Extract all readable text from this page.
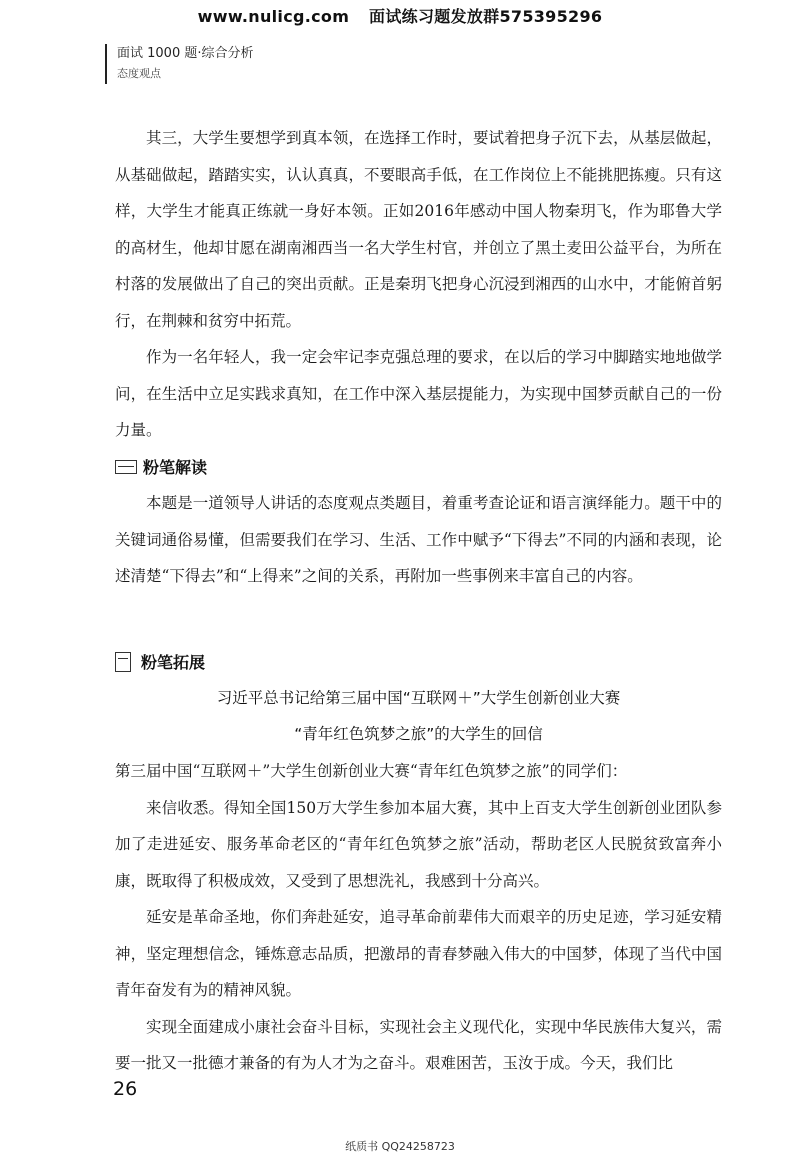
www.nulicg.com 面试练习题发放群575395296
面试 1000 题·综合分析
态度观点

其三，大学生要想学到真本领，在选择工作时，要试着把身子沉下去，从基层做起，从基础做起，踏踏实实，认认真真，不要眼高手低，在工作岗位上不能挑肥拣瘦。只有这样，大学生才能真正练就一身好本领。正如2016年感动中国人物秦玥飞，作为耶鲁大学的高材生，他却甘愿在湖南湘西当一名大学生村官，并创立了黑土麦田公益平台，为所在村落的发展做出了自己的突出贡献。正是秦玥飞把身心沉浸到湘西的山水中，才能俯首躬行，在荆棘和贫穷中拓荒。

作为一名年轻人，我一定会牢记李克强总理的要求，在以后的学习中脚踏实地地做学问，在生活中立足实践求真知，在工作中深入基层提能力，为实现中国梦贡献自己的一份力量。

粉笔解读

本题是一道领导人讲话的态度观点类题目，着重考查论证和语言演绎能力。题干中的关键词通俗易懂，但需要我们在学习、生活、工作中赋予“下得去”不同的内涵和表现，论述清楚“下得去”和“上得来”之间的关系，再附加一些事例来丰富自己的内容。

粉笔拓展
习近平总书记给第三届中国“互联网＋”大学生创新创业大赛
“青年红色筑梦之旅”的大学生的回信

第三届中国“互联网＋”大学生创新创业大赛“青年红色筑梦之旅”的同学们：

来信收悉。得知全国150万大学生参加本届大赛，其中上百支大学生创新创业团队参加了走进延安、服务革命老区的“青年红色筑梦之旅”活动，帮助老区人民脱贫致富奔小康，既取得了积极成效，又受到了思想洗礼，我感到十分高兴。

延安是革命圣地，你们奔赴延安，追寻革命前辈伟大而艰辛的历史足迹，学习延安精神，坚定理想信念，锤炼意志品质，把激昂的青春梦融入伟大的中国梦，体现了当代中国青年奋发有为的精神风貌。

实现全面建成小康社会奋斗目标，实现社会主义现代化，实现中华民族伟大复兴，需要一批又一批德才兼备的有为人才为之奋斗。艰难困苦，玉汝于成。今天，我们比

26
纸质书 QQ24258723
